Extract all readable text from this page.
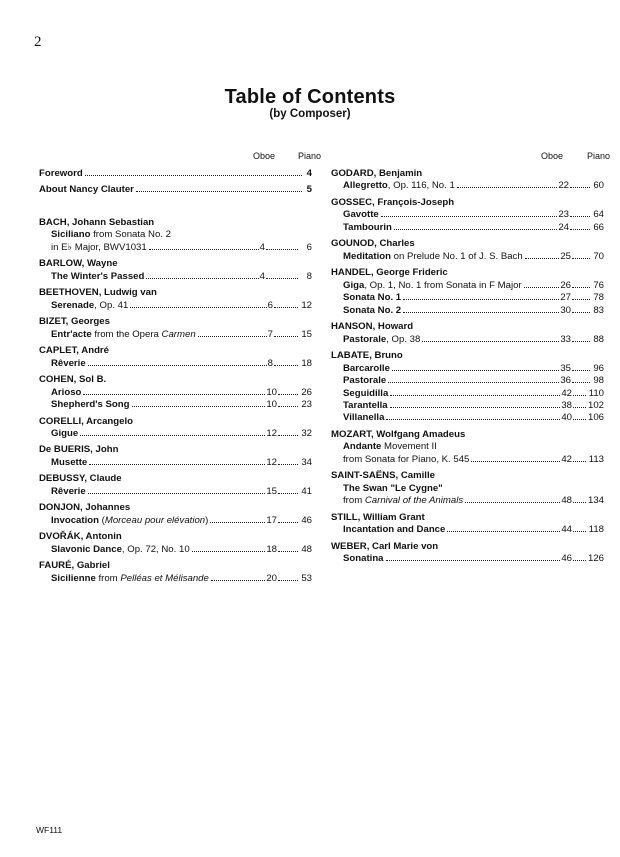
2
Table of Contents
(by Composer)
Oboe	Piano	Oboe	Piano
Foreword	4
About Nancy Clauter	5
BACH, Johann Sebastian
Siciliano from Sonata No. 2
in E♭ Major, BWV1031	4	6
BARLOW, Wayne
The Winter's Passed	4	8
BEETHOVEN, Ludwig van
Serenade, Op. 41	6	12
BIZET, Georges
Entr'acte from the Opera Carmen	7	15
CAPLET, André
Rêverie	8	18
COHEN, Sol B.
Arioso	10	26
Shepherd's Song	10	23
CORELLI, Arcangelo
Gigue	12	32
De BUERIS, John
Musette	12	34
DEBUSSY, Claude
Rêverie	15	41
DONJON, Johannes
Invocation (Morceau pour elévation)	17	46
DVOŘÁK, Antonin
Slavonic Dance, Op. 72, No. 10	18	48
FAURÉ, Gabriel
Sicilienne from Pelléas et Mélisande	20	53
GODARD, Benjamin
Allegretto, Op. 116, No. 1	22	60
GOSSEC, François-Joseph
Gavotte	23	64
Tambourin	24	66
GOUNOD, Charles
Meditation on Prelude No. 1 of J. S. Bach	25 70
HANDEL, George Frideric
Giga, Op. 1, No. 1 from Sonata in F Major	26 76
Sonata No. 1	27 78
Sonata No. 2	30 83
HANSON, Howard
Pastorale, Op. 38	33 88
LABATE, Bruno
Barcarolle	35 96
Pastorale	36 98
Seguidilla	42 110
Tarantella	38 102
Villanella	40 106
MOZART, Wolfgang Amadeus
Andante Movement II
from Sonata for Piano, K. 545	42 113
SAINT-SAËNS, Camille
The Swan "Le Cygne"
from Carnival of the Animals	48 134
STILL, William Grant
Incantation and Dance	44 118
WEBER, Carl Marie von
Sonatina	46 126
WF111
